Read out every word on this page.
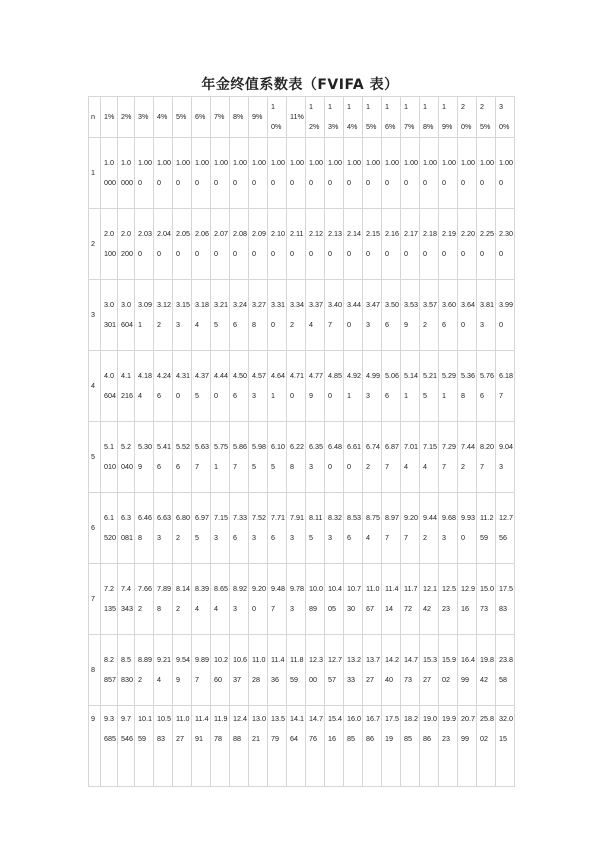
年金终值系数表（FVIFA 表）
n	1%	2%	3%	4%	5%	6%	7%	8%	9%	10%	11%	12%	13%	14%	15%	16%	17%	18%	19%	20%	25%	30%

1	1.0000	1.0000	1.000	1.000	1.000	1.000	1.000	1.000	1.000	1.000	1.000	1.000	1.000	1.000	1.000	1.000	1.000	1.000	1.000	1.000	1.000	1.000

2	2.0100	2.0200	2.030	2.040	2.050	2.060	2.070	2.080	2.090	2.100	2.110	2.120	2.130	2.140	2.150	2.160	2.170	2.180	2.190	2.200	2.250	2.300

3	3.0301	3.0604	3.091	3.122	3.153	3.184	3.215	3.246	3.278	3.310	3.342	3.374	3.407	3.440	3.473	3.506	3.539	3.572	3.606	3.640	3.813	3.990

4	4.0604	4.1216	4.184	4.246	4.310	4.375	4.440	4.506	4.573	4.641	4.710	4.779	4.850	4.921	4.993	5.066	5.141	5.215	5.291	5.368	5.766	6.187

5	5.1010	5.2040	5.309	5.416	5.526	5.637	5.751	5.867	5.985	6.105	6.228	6.353	6.480	6.610	6.742	6.877	7.014	7.154	7.297	7.442	8.207	9.043

6	6.1520	6.3081	6.468	6.633	6.802	6.975	7.153	7.336	7.523	7.716	7.913	8.115	8.323	8.536	8.754	8.977	9.207	9.442	9.683	9.930	11.259	12.756

7	7.2135	7.4343	7.662	7.898	8.142	8.394	8.654	8.923	9.200	9.487	9.783	10.089	10.405	10.730	11.067	11.414	11.772	12.142	12.523	12.916	15.073	17.583

8	8.2857	8.5830	8.892	9.214	9.549	9.897	10.260	10.637	11.028	11.436	11.859	12.300	12.757	13.233	13.727	14.240	14.773	15.327	15.902	16.499	19.842	23.858

9	9.3685	9.7546	10.159	10.583	11.027	11.491	11.978	12.488	13.021	13.579	14.164	14.776	15.416	16.085	16.786	17.519	18.285	19.086	19.923	20.799	25.802	32.015
